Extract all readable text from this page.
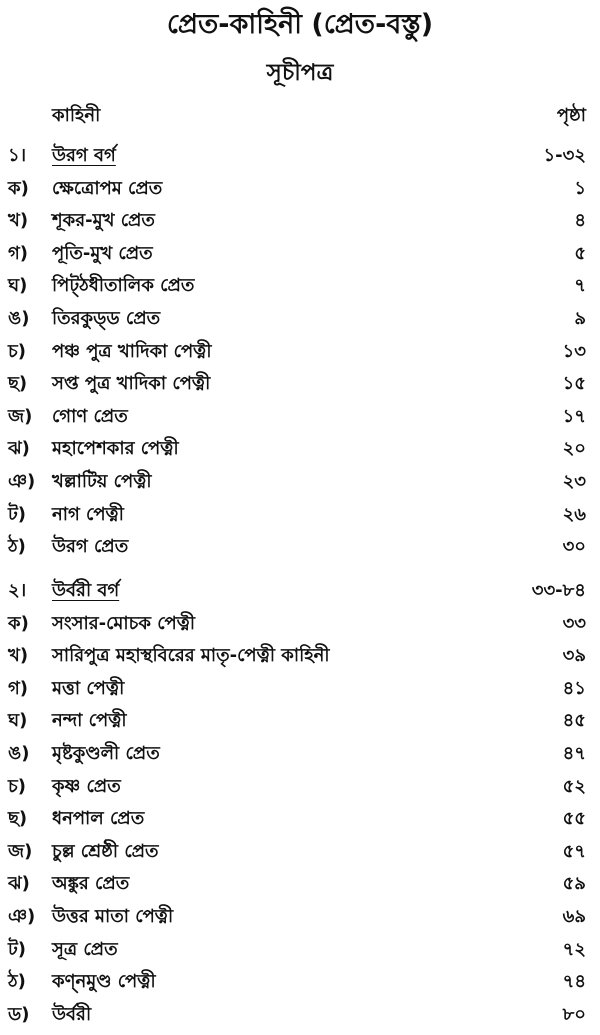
প্রেত-কাহিনী (প্রেত-বস্তু)
সূচীপত্র
কাহিনী	পৃষ্ঠা
১। উরগ বর্গ	১-৩২
ক) ক্ষেত্রোপম প্রেত	১
খ) শূকর-মুখ প্রেত	৪
গ) পূতি-মুখ প্রেত	৫
ঘ) পিট্‌ঠধীতালিক প্রেত	৭
ঙ) তিরকুড্‌ড প্রেত	৯
চ) পঞ্চ পুত্র খাদিকা পেত্নী	১৩
ছ) সপ্ত পুত্র খাদিকা পেত্নী	১৫
জ) গোণ প্রেত	১৭
ঝ) মহাপেশকার পেত্নী	২০
ঞ) খল্লাটিয় পেত্নী	২৩
ট) নাগ পেত্নী	২৬
ঠ) উরগ প্রেত	৩০
২। উর্বরী বর্গ	৩৩-৮৪
ক) সংসার-মোচক পেত্নী	৩৩
খ) সারিপুত্র মহাস্থবিরের মাতৃ-পেত্নী কাহিনী	৩৯
গ) মত্তা পেত্নী	৪১
ঘ) নন্দা পেত্নী	৪৫
ঙ) মৃষ্টকুণ্ডলী প্রেত	৪৭
চ) কৃষ্ণ প্রেত	৫২
ছ) ধনপাল প্রেত	৫৫
জ) চুল্ল শ্রেষ্ঠী প্রেত	৫৭
ঝ) অঙ্কুর প্রেত	৫৯
ঞ) উত্তর মাতা পেত্নী	৬৯
ট) সূত্র প্রেত	৭২
ঠ) কণ্নমুণ্ড পেত্নী	৭৪
ড) উর্বরী	৮০
